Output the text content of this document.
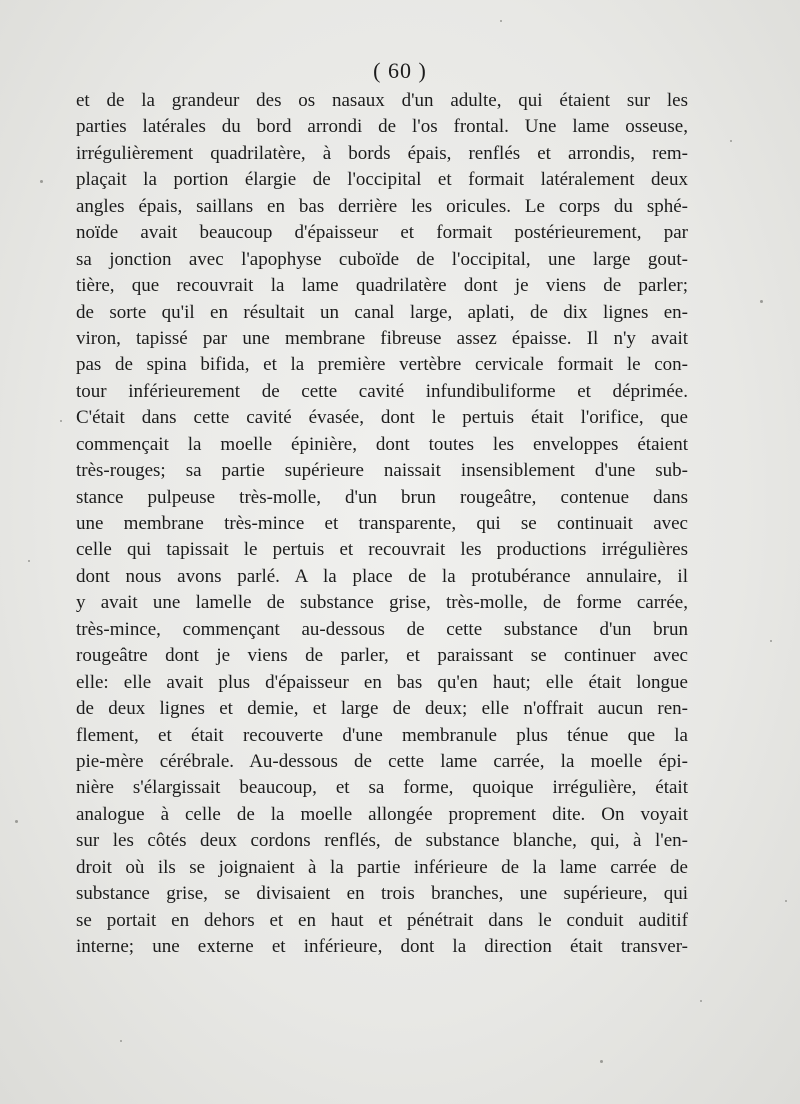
( 60 )
et de la grandeur des os nasaux d'un adulte, qui étaient sur les
parties latérales du bord arrondi de l'os frontal. Une lame osseuse,
irrégulièrement quadrilatère, à bords épais, renflés et arrondis, rem-
plaçait la portion élargie de l'occipital et formait latéralement deux
angles épais, saillans en bas derrière les oricules. Le corps du sphé-
noïde avait beaucoup d'épaisseur et formait postérieurement, par
sa jonction avec l'apophyse cuboïde de l'occipital, une large gout-
tière, que recouvrait la lame quadrilatère dont je viens de parler;
de sorte qu'il en résultait un canal large, aplati, de dix lignes en-
viron, tapissé par une membrane fibreuse assez épaisse. Il n'y avait
pas de spina bifida, et la première vertèbre cervicale formait le con-
tour inférieurement de cette cavité infundibuliforme et déprimée.
C'était dans cette cavité évasée, dont le pertuis était l'orifice, que
commençait la moelle épinière, dont toutes les enveloppes étaient
très-rouges; sa partie supérieure naissait insensiblement d'une sub-
stance pulpeuse très-molle, d'un brun rougeâtre, contenue dans
une membrane très-mince et transparente, qui se continuait avec
celle qui tapissait le pertuis et recouvrait les productions irrégulières
dont nous avons parlé. A la place de la protubérance annulaire, il
y avait une lamelle de substance grise, très-molle, de forme carrée,
très-mince, commençant au-dessous de cette substance d'un brun
rougeâtre dont je viens de parler, et paraissant se continuer avec
elle: elle avait plus d'épaisseur en bas qu'en haut; elle était longue
de deux lignes et demie, et large de deux; elle n'offrait aucun ren-
flement, et était recouverte d'une membranule plus ténue que la
pie-mère cérébrale. Au-dessous de cette lame carrée, la moelle épi-
nière s'élargissait beaucoup, et sa forme, quoique irrégulière, était
analogue à celle de la moelle allongée proprement dite. On voyait
sur les côtés deux cordons renflés, de substance blanche, qui, à l'en-
droit où ils se joignaient à la partie inférieure de la lame carrée de
substance grise, se divisaient en trois branches, une supérieure, qui
se portait en dehors et en haut et pénétrait dans le conduit auditif
interne; une externe et inférieure, dont la direction était transver-
